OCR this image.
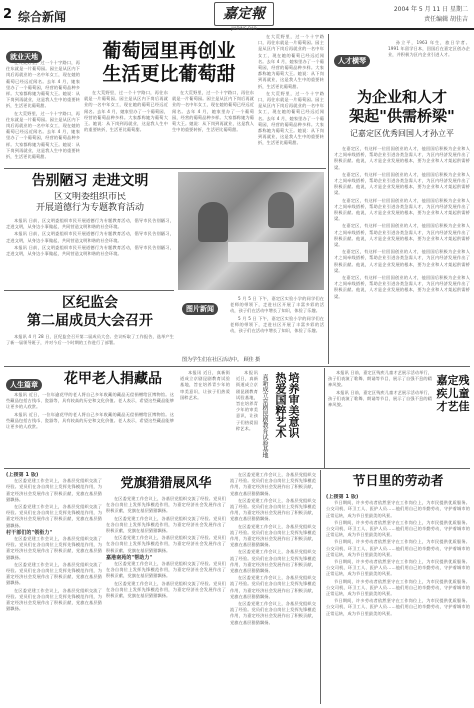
2 综合新闻	嘉定報
JIADING BAO
2004 年 5 月 11 日 星期二
责任编辑 胡佳吉
就业天地	葡萄园里再创业
生活更比葡萄甜

在大荒野里，过一个十字路口，再往东就是一片葡萄园。园主是从区内下岗后再就业的一名中年女工，现在她的葡萄已经远近闻名。去年 4 月，她家里办了一个葡萄园，经营的葡萄品种多样。大家都称她为葡萄大王。她说：从下岗到再就业，这是我人生中的重要转折，生活更比葡萄甜。

在大荒野里，过一个十字路口，再往东就是一片葡萄园。园主是从区内下岗后再就业的一名中年女工，现在她的葡萄已经远近闻名。去年 4 月，她家里办了一个葡萄园，经营的葡萄品种多样。大家都称她为葡萄大王。她说：从下岗到再就业，这是我人生中的重要转折，生活更比葡萄甜。

在大荒野里，过一个十字路口，再往东就是一片葡萄园。园主是从区内下岗后再就业的一名中年女工，现在她的葡萄已经远近闻名。去年 4 月，她家里办了一个葡萄园，经营的葡萄品种多样。大家都称她为葡萄大王。她说：从下岗到再就业，这是我人生中的重要转折，生活更比葡萄甜。

在大荒野里，过一个十字路口，再往东就是一片葡萄园。园主是从区内下岗后再就业的一名中年女工，现在她的葡萄已经远近闻名。去年 4 月，她家里办了一个葡萄园，经营的葡萄品种多样。大家都称她为葡萄大王。她说：从下岗到再就业，这是我人生中的重要转折，生活更比葡萄甜。

在大荒野里，过一个十字路口，再往东就是一片葡萄园。园主是从区内下岗后再就业的一名中年女工，现在她的葡萄已经远近闻名。去年 4 月，她家里办了一个葡萄园，经营的葡萄品种多样。大家都称她为葡萄大王。她说：从下岗到再就业，这是我人生中的重要转折，生活更比葡萄甜。

在大荒野里，过一个十字路口，再往东就是一片葡萄园。园主是从区内下岗后再就业的一名中年女工，现在她的葡萄已经远近闻名。去年 4 月，她家里办了一个葡萄园，经营的葡萄品种多样。大家都称她为葡萄大王。她说：从下岗到再就业，这是我人生中的重要转折，生活更比葡萄甜。

人才横琴

孙立平，1963 年生，旅日学者。1991 年留学日本，回国后在嘉定区创办企业，并积极为区内企业引进人才。

为企业和人才
架起"供需桥梁"
记嘉定区优秀回国人才孙立平

在嘉定区，有这样一位回国创业的人才，他回国后积极为企业和人才之间牵线搭桥，帮助企业引进各类急需人才，为区内经济发展作出了积极贡献。他说，人才是企业发展的根本，要为企业和人才架起供需桥梁。

在嘉定区，有这样一位回国创业的人才，他回国后积极为企业和人才之间牵线搭桥，帮助企业引进各类急需人才，为区内经济发展作出了积极贡献。他说，人才是企业发展的根本，要为企业和人才架起供需桥梁。

在嘉定区，有这样一位回国创业的人才，他回国后积极为企业和人才之间牵线搭桥，帮助企业引进各类急需人才，为区内经济发展作出了积极贡献。他说，人才是企业发展的根本，要为企业和人才架起供需桥梁。

在嘉定区，有这样一位回国创业的人才，他回国后积极为企业和人才之间牵线搭桥，帮助企业引进各类急需人才，为区内经济发展作出了积极贡献。他说，人才是企业发展的根本，要为企业和人才架起供需桥梁。

在嘉定区，有这样一位回国创业的人才，他回国后积极为企业和人才之间牵线搭桥，帮助企业引进各类急需人才，为区内经济发展作出了积极贡献。他说，人才是企业发展的根本，要为企业和人才架起供需桥梁。

在嘉定区，有这样一位回国创业的人才，他回国后积极为企业和人才之间牵线搭桥，帮助企业引进各类急需人才，为区内经济发展作出了积极贡献。他说，人才是企业发展的根本，要为企业和人才架起供需桥梁。

告别陋习 走进文明
区文明委组织市民
开展道德行为专题教育活动

本报讯 日前，区文明委组织市民开展道德行为专题教育活动，倡导市民告别陋习，走进文明，从身边小事做起，共同营造文明和谐的社会环境。

本报讯 日前，区文明委组织市民开展道德行为专题教育活动，倡导市民告别陋习，走进文明，从身边小事做起，共同营造文明和谐的社会环境。

本报讯 日前，区文明委组织市民开展道德行为专题教育活动，倡导市民告别陋习，走进文明，从身边小事做起，共同营造文明和谐的社会环境。

区纪监会
第二届成员大会召开

本报讯 4 月 28 日，区纪监会召开第二届成员大会。会议听取了工作报告，选举产生了新一届领导班子，并对今后一个时期的工作进行了部署。

图片新闻

5 月 5 日 下午，嘉定区实验小学的同学们在老师的带领下，走进社区开展了丰富多彩的活动，孩子们在活动中增长了知识，体验了乐趣。

5 月 5 日 下午，嘉定区实验小学的同学们在老师的带领下，走进社区开展了丰富多彩的活动，孩子们在活动中增长了知识，体验了乐趣。

图为学生们在社区活动中。 顾佳 摄
人生篇章	花甲老人捐藏品

本报讯 近日，一位年逾花甲的老人将自己多年收藏的藏品无偿捐赠给区博物馆。这些藏品包括古钱币、瓷器等，具有较高的历史和文化价值。老人表示，希望这些藏品能够让更多的人欣赏。

本报讯 近日，一位年逾花甲的老人将自己多年收藏的藏品无偿捐赠给区博物馆。这些藏品包括古钱币、瓷器等，具有较高的历史和文化价值。老人表示，希望这些藏品能够让更多的人欣赏。

本报讯 近日，真新街道成立京剧昆剧教育试验基地，旨在培养青少年的审美意识，让孩子们热爱国粹艺术。	培养审美意识
热爱国粹艺术
真新成立京剧昆剧教育试验基地

本报讯 近日，真新街道成立京剧昆剧教育试验基地，旨在培养青少年的审美意识，让孩子们热爱国粹艺术。

本报讯 日前，嘉定区残疾儿童才艺展示活动举行，孩子们表演了歌舞、朗诵等节目，展示了自强不息的精神风貌。

本报讯 日前，嘉定区残疾儿童才艺展示活动举行，孩子们表演了歌舞、朗诵等节目，展示了自强不息的精神风貌。

嘉定残疾儿童
才艺佳
(上接第 1 版)

在区委党建工作会议上，各基层党组织交流了经验。党员们在各自岗位上发挥先锋模范作用，为嘉定经济社会发展作出了积极贡献，党旗在基层猎猎飘扬。

在区委党建工作会议上，各基层党组织交流了经验。党员们在各自岗位上发挥先锋模范作用，为嘉定经济社会发展作出了积极贡献，党旗在基层猎猎飘扬。

村干部们的"领衔力"

在区委党建工作会议上，各基层党组织交流了经验。党员们在各自岗位上发挥先锋模范作用，为嘉定经济社会发展作出了积极贡献，党旗在基层猎猎飘扬。

在区委党建工作会议上，各基层党组织交流了经验。党员们在各自岗位上发挥先锋模范作用，为嘉定经济社会发展作出了积极贡献，党旗在基层猎猎飘扬。

在区委党建工作会议上，各基层党组织交流了经验。党员们在各自岗位上发挥先锋模范作用，为嘉定经济社会发展作出了积极贡献，党旗在基层猎猎飘扬。

党旗猎猎展风华

在区委党建工作会议上，各基层党组织交流了经验。党员们在各自岗位上发挥先锋模范作用，为嘉定经济社会发展作出了积极贡献，党旗在基层猎猎飘扬。

在区委党建工作会议上，各基层党组织交流了经验。党员们在各自岗位上发挥先锋模范作用，为嘉定经济社会发展作出了积极贡献，党旗在基层猎猎飘扬。

在区委党建工作会议上，各基层党组织交流了经验。党员们在各自岗位上发挥先锋模范作用，为嘉定经济社会发展作出了积极贡献，党旗在基层猎猎飘扬。

嘉港南苑的"帮助力"

在区委党建工作会议上，各基层党组织交流了经验。党员们在各自岗位上发挥先锋模范作用，为嘉定经济社会发展作出了积极贡献，党旗在基层猎猎飘扬。

在区委党建工作会议上，各基层党组织交流了经验。党员们在各自岗位上发挥先锋模范作用，为嘉定经济社会发展作出了积极贡献，党旗在基层猎猎飘扬。

在区委党建工作会议上，各基层党组织交流了经验。党员们在各自岗位上发挥先锋模范作用，为嘉定经济社会发展作出了积极贡献，党旗在基层猎猎飘扬。

在区委党建工作会议上，各基层党组织交流了经验。党员们在各自岗位上发挥先锋模范作用，为嘉定经济社会发展作出了积极贡献，党旗在基层猎猎飘扬。

在区委党建工作会议上，各基层党组织交流了经验。党员们在各自岗位上发挥先锋模范作用，为嘉定经济社会发展作出了积极贡献，党旗在基层猎猎飘扬。

在区委党建工作会议上，各基层党组织交流了经验。党员们在各自岗位上发挥先锋模范作用，为嘉定经济社会发展作出了积极贡献，党旗在基层猎猎飘扬。

在区委党建工作会议上，各基层党组织交流了经验。党员们在各自岗位上发挥先锋模范作用，为嘉定经济社会发展作出了积极贡献，党旗在基层猎猎飘扬。

在区委党建工作会议上，各基层党组织交流了经验。党员们在各自岗位上发挥先锋模范作用，为嘉定经济社会发展作出了积极贡献，党旗在基层猎猎飘扬。

节日里的劳动者
(上接第 1 版)

节日期间，许多劳动者依然坚守在工作岗位上，为市民提供优质服务。公交司机、环卫工人、医护人员……他们用自己的辛勤劳动，守护着城市的正常运转，成为节日里最美的风景。

节日期间，许多劳动者依然坚守在工作岗位上，为市民提供优质服务。公交司机、环卫工人、医护人员……他们用自己的辛勤劳动，守护着城市的正常运转，成为节日里最美的风景。

节日期间，许多劳动者依然坚守在工作岗位上，为市民提供优质服务。公交司机、环卫工人、医护人员……他们用自己的辛勤劳动，守护着城市的正常运转，成为节日里最美的风景。

节日期间，许多劳动者依然坚守在工作岗位上，为市民提供优质服务。公交司机、环卫工人、医护人员……他们用自己的辛勤劳动，守护着城市的正常运转，成为节日里最美的风景。

节日期间，许多劳动者依然坚守在工作岗位上，为市民提供优质服务。公交司机、环卫工人、医护人员……他们用自己的辛勤劳动，守护着城市的正常运转，成为节日里最美的风景。

节日期间，许多劳动者依然坚守在工作岗位上，为市民提供优质服务。公交司机、环卫工人、医护人员……他们用自己的辛勤劳动，守护着城市的正常运转，成为节日里最美的风景。
